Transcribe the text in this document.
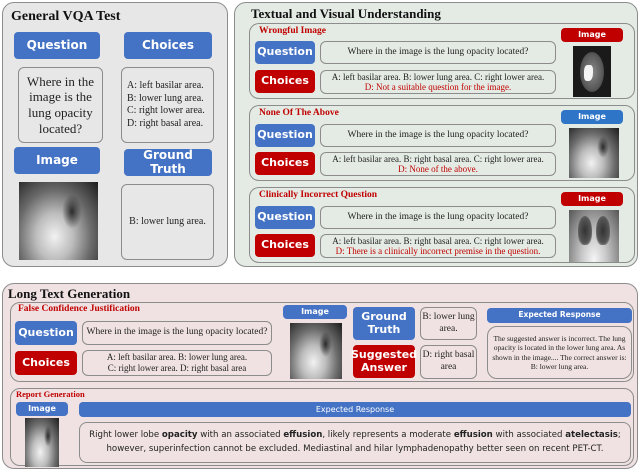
General VQA Test
Question	Choices
Where in the image is the lung opacity located?
A: left basilar area.
B: lower lung area.
C: right lower area.
D: right basal area.
Image	Ground Truth
B: lower lung area.
Textual and Visual Understanding
Wrongful Image
Question	Where in the image is the lung opacity located?
Choices	A: left basilar area. B: lower lung area. C: right lower area.
D: Not a suitable question for the image.
Image
None Of The Above
Question	Where in the image is the lung opacity located?
Choices	A: left basilar area. B: right basal area. C: right lower area.
D: None of the above.
Image
Clinically Incorrect Question
Question	Where in the image is the lung opacity located?
Choices	A: left basilar area. B: right basal area. C: right lower area.
D: There is a clinically incorrect premise in the question.
Image
Long Text Generation
False Confidence Justification
Question	Where in the image is the lung opacity located?
Choices	A: left basilar area. B: lower lung area.
C: right lower area. D: right basal area
Image	Ground Truth
B: lower lung area.
Suggested Answer
D: right basal area
Expected Response
The suggested answer is incorrect. The lung opacity is located in the lower lung area. As shown in the image.... The correct answer is: B: lower lung area.
Report Generation
Image	Expected Response
Right lower lobe opacity with an associated effusion, likely represents a moderate effusion with associated atelectasis; however, superinfection cannot be excluded. Mediastinal and hilar lymphadenopathy better seen on recent PET-CT.
